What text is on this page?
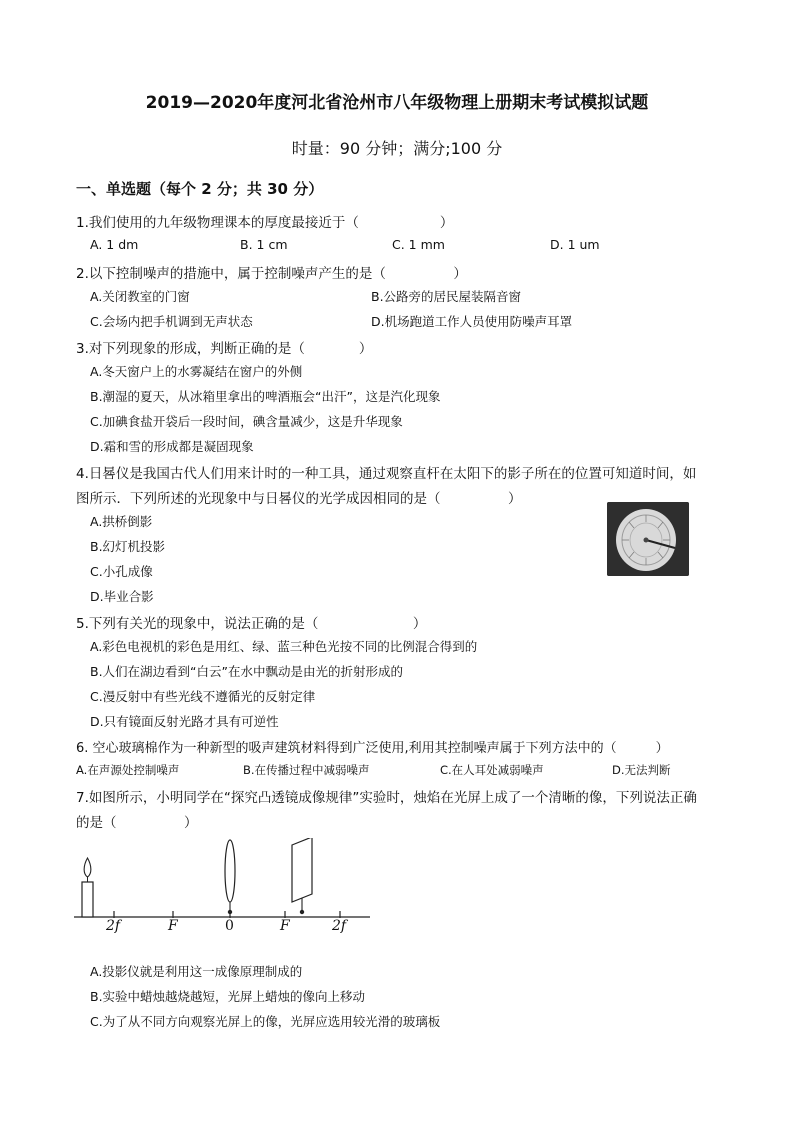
2019—2020年度河北省沧州市八年级物理上册期末考试模拟试题
时量：90 分钟；满分;100 分
一、单选题（每个 2 分；共 30 分）
1.我们使用的九年级物理课本的厚度最接近于（　　　　　　）
A. 1 dm	B. 1 cm	C. 1 mm	D. 1 um
2.以下控制噪声的措施中，属于控制噪声产生的是（　　　　　）
A.关闭教室的门窗	B.公路旁的居民屋装隔音窗
C.会场内把手机调到无声状态	D.机场跑道工作人员使用防噪声耳罩
3.对下列现象的形成，判断正确的是（　　　　）
A.冬天窗户上的水雾凝结在窗户的外侧
B.潮湿的夏天，从冰箱里拿出的啤酒瓶会“出汗”，这是汽化现象
C.加碘食盐开袋后一段时间，碘含量减少，这是升华现象
D.霜和雪的形成都是凝固现象
4.日晷仪是我国古代人们用来计时的一种工具，通过观察直杆在太阳下的影子所在的位置可知道时间，如
图所示．下列所述的光现象中与日晷仪的光学成因相同的是（　　　　　）
A.拱桥倒影
B.幻灯机投影
C.小孔成像
D.毕业合影
5.下列有关光的现象中，说法正确的是（　　　　　　　）
A.彩色电视机的彩色是用红、绿、蓝三种色光按不同的比例混合得到的
B.人们在湖边看到“白云”在水中飘动是由光的折射形成的
C.漫反射中有些光线不遵循光的反射定律
D.只有镜面反射光路才具有可逆性
6. 空心玻璃棉作为一种新型的吸声建筑材料得到广泛使用,利用其控制噪声属于下列方法中的（　　　）
A.在声源处控制噪声	B.在传播过程中减弱噪声	C.在人耳处减弱噪声	D.无法判断
7.如图所示，小明同学在“探究凸透镜成像规律”实验时，烛焰在光屏上成了一个清晰的像，下列说法正确
的是（　　　　　）
2f	F	0	F	2f
A.投影仪就是利用这一成像原理制成的
B.实验中蜡烛越烧越短，光屏上蜡烛的像向上移动
C.为了从不同方向观察光屏上的像，光屏应选用较光滑的玻璃板
